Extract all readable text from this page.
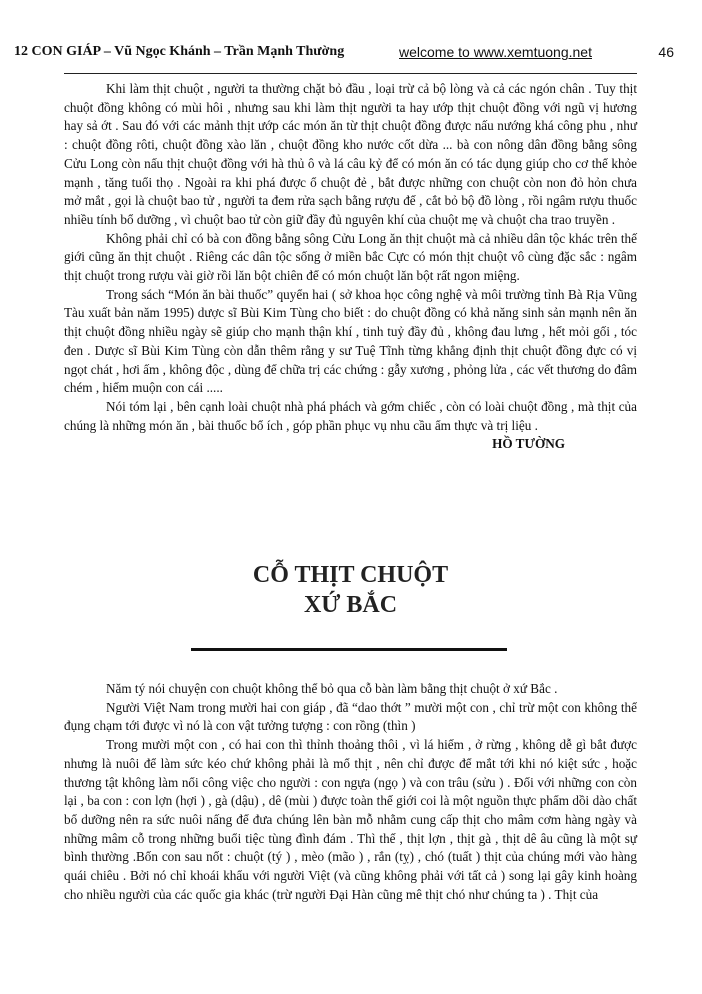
12 CON GIÁP – Vũ Ngọc Khánh – Trần Mạnh Thường	welcome to www.xemtuong.net	46

Khi làm thịt chuột , người ta thường chặt bỏ đầu , loại trừ cả bộ lòng và cả các ngón chân . Tuy thịt chuột đồng không có mùi hôi , nhưng sau khi làm thịt người ta hay ướp thịt chuột đồng với ngũ vị hương hay sả ớt . Sau đó với các mảnh thịt ướp các món ăn từ thịt chuột đồng được nấu nướng khá công phu , như : chuột đồng rôti, chuột đồng xào lăn , chuột đồng kho nước cốt dừa ... bà con nông dân đồng bằng sông Cửu Long còn nấu thịt chuột đồng với hà thủ ô và lá câu kỷ để có món ăn có tác dụng giúp cho cơ thể khỏe mạnh , tăng tuổi thọ . Ngoài ra khi phá được ổ chuột đẻ , bắt được những con chuột còn non đỏ hỏn chưa mở mắt , gọi là chuột bao tử , người ta đem rửa sạch bằng rượu đế , cắt bỏ bộ đồ lòng , rồi ngâm rượu thuốc nhiều tính bổ dưỡng , vì chuột bao tử còn giữ đầy đủ nguyên khí của chuột mẹ và chuột cha trao truyền .

Không phải chỉ có bà con đồng bằng sông Cửu Long ăn thịt chuột mà cả nhiều dân tộc khác trên thế giới cũng ăn thịt chuột . Riêng các dân tộc sống ở miền bắc Cực có món thịt chuột vô cùng đặc sắc : ngâm thịt chuột trong rượu vài giờ rồi lăn bột chiên để có món chuột lăn bột rất ngon miệng.

Trong sách “Món ăn bài thuốc” quyển hai ( sở khoa học công nghệ và môi trường tỉnh Bà Rịa Vũng Tàu xuất bản năm 1995) dược sĩ Bùi Kim Tùng cho biết : do chuột đồng có khả năng sinh sản mạnh nên ăn thịt chuột đồng nhiều ngày sẽ giúp cho mạnh thận khí , tinh tuỷ đầy đủ , không đau lưng , hết mỏi gối , tóc đen . Dược sĩ Bùi Kim Tùng còn dẫn thêm rằng y sư Tuệ Tĩnh từng khẳng định thịt chuột đồng đực có vị ngọt chát , hơi ấm , không độc , dùng để chữa trị các chứng : gẫy xương , phỏng lửa , các vết thương do đâm chém , hiếm muộn con cái .....

Nói tóm lại , bên cạnh loài chuột nhà phá phách và gớm chiếc , còn có loài chuột đồng , mà thịt của chúng là những món ăn , bài thuốc bổ ích , góp phần phục vụ nhu cầu ẩm thực và trị liệu .

HỒ TƯỜNG

CỖ THỊT CHUỘT
XỨ BẮC

Năm tý nói chuyện con chuột không thể bỏ qua cỗ bàn làm bằng thịt chuột ở xứ Bắc .

Người Việt Nam trong mười hai con giáp , đã “dao thớt ” mười một con , chỉ trừ một con không thể đụng chạm tới được vì nó là con vật tưởng tượng : con rồng (thìn )

Trong mười một con , có hai con thì thỉnh thoảng thôi , vì lá hiếm , ở rừng , không dễ gì bắt được nhưng là nuôi để làm sức kéo chứ không phải là mổ thịt , nên chỉ được để mắt tới khi nó kiệt sức , hoặc thương tật không làm nổi công việc cho người : con ngựa (ngọ ) và con trâu (sửu ) . Đối với những con còn lại , ba con : con lợn (hợi ) , gà (dậu) , dê (mùi ) được toàn thế giới coi là một nguồn thực phẩm dồi dào chất bổ dưỡng nên ra sức nuôi nấng để đưa chúng lên bàn mỗ nhằm cung cấp thịt cho mâm cơm hàng ngày và những mâm cỗ trong những buổi tiệc tùng đình đám . Thì thế , thịt lợn , thịt gà , thịt dê âu cũng là một sự bình thường .Bốn con sau nốt : chuột (tý ) , mèo (mão ) , rắn (tỵ) , chó (tuất ) thịt của chúng mới vào hàng quái chiêu . Bởi nó chỉ khoái khẩu với người Việt (và cũng không phải với tất cả ) song lại gây kinh hoàng cho nhiều người của các quốc gia khác (trừ người Đại Hàn cũng mê thịt chó như chúng ta ) . Thịt của
